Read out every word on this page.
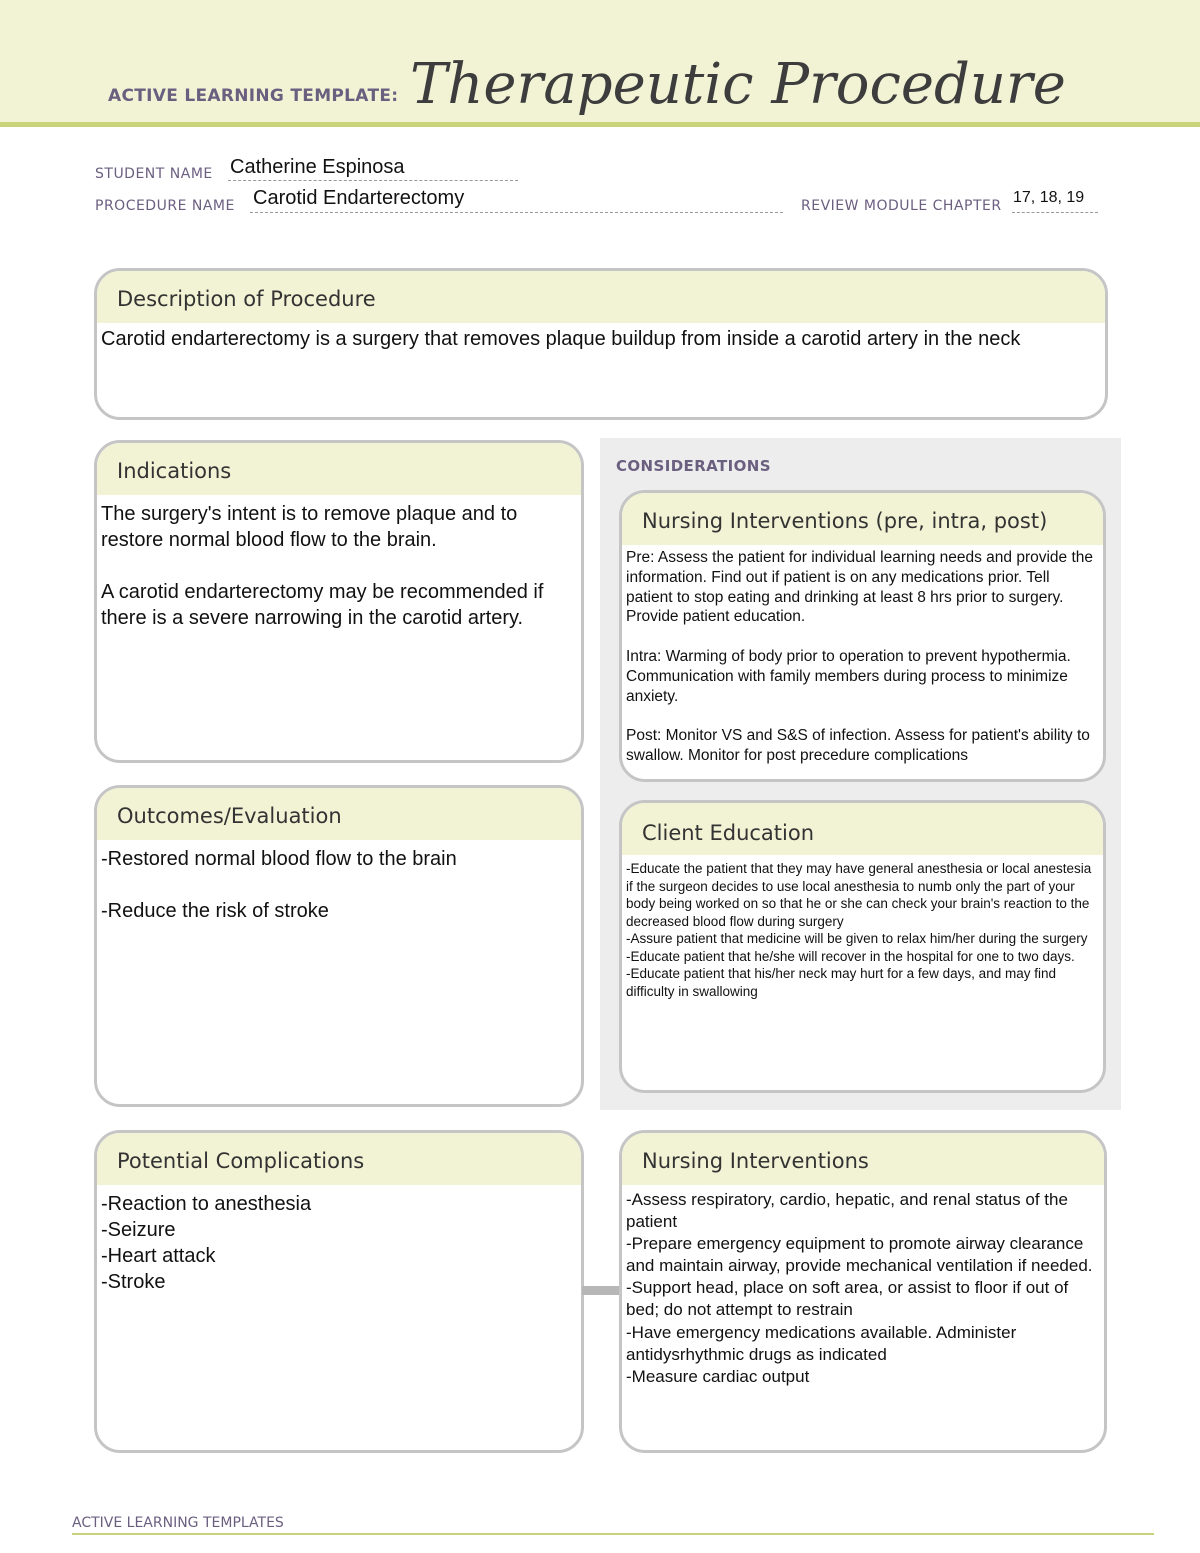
ACTIVE LEARNING TEMPLATE: Therapeutic Procedure
STUDENT NAME Catherine Espinosa
PROCEDURE NAME Carotid Endarterectomy	REVIEW MODULE CHAPTER 17, 18, 19
Description of Procedure
Carotid endarterectomy is a surgery that removes plaque buildup from inside a carotid artery in the neck
Indications
The surgery's intent is to remove plaque and to restore normal blood flow to the brain.

A carotid endarterectomy may be recommended if there is a severe narrowing in the carotid artery.
CONSIDERATIONS
Nursing Interventions (pre, intra, post)
Pre: Assess the patient for individual learning needs and provide the information. Find out if patient is on any medications prior. Tell patient to stop eating and drinking at least 8 hrs prior to surgery. Provide patient education.

Intra: Warming of body prior to operation to prevent hypothermia. Communication with family members during process to minimize anxiety.

Post: Monitor VS and S&S of infection. Assess for patient's ability to swallow. Monitor for post precedure complications
Client Education
-Educate the patient that they may have general anesthesia or local anestesia if the surgeon decides to use local anesthesia to numb only the part of your body being worked on so that he or she can check your brain's reaction to the decreased blood flow during surgery
-Assure patient that medicine will be given to relax him/her during the surgery
-Educate patient that he/she will recover in the hospital for one to two days.
-Educate patient that his/her neck may hurt for a few days, and may find difficulty in swallowing
Outcomes/Evaluation
-Restored normal blood flow to the brain

-Reduce the risk of stroke
Potential Complications
-Reaction to anesthesia
-Seizure
-Heart attack
-Stroke
Nursing Interventions
-Assess respiratory, cardio, hepatic, and renal status of the patient
-Prepare emergency equipment to promote airway clearance and maintain airway, provide mechanical ventilation if needed.
-Support head, place on soft area, or assist to floor if out of bed; do not attempt to restrain
-Have emergency medications available. Administer antidysrhythmic drugs as indicated
-Measure cardiac output
ACTIVE LEARNING TEMPLATES
